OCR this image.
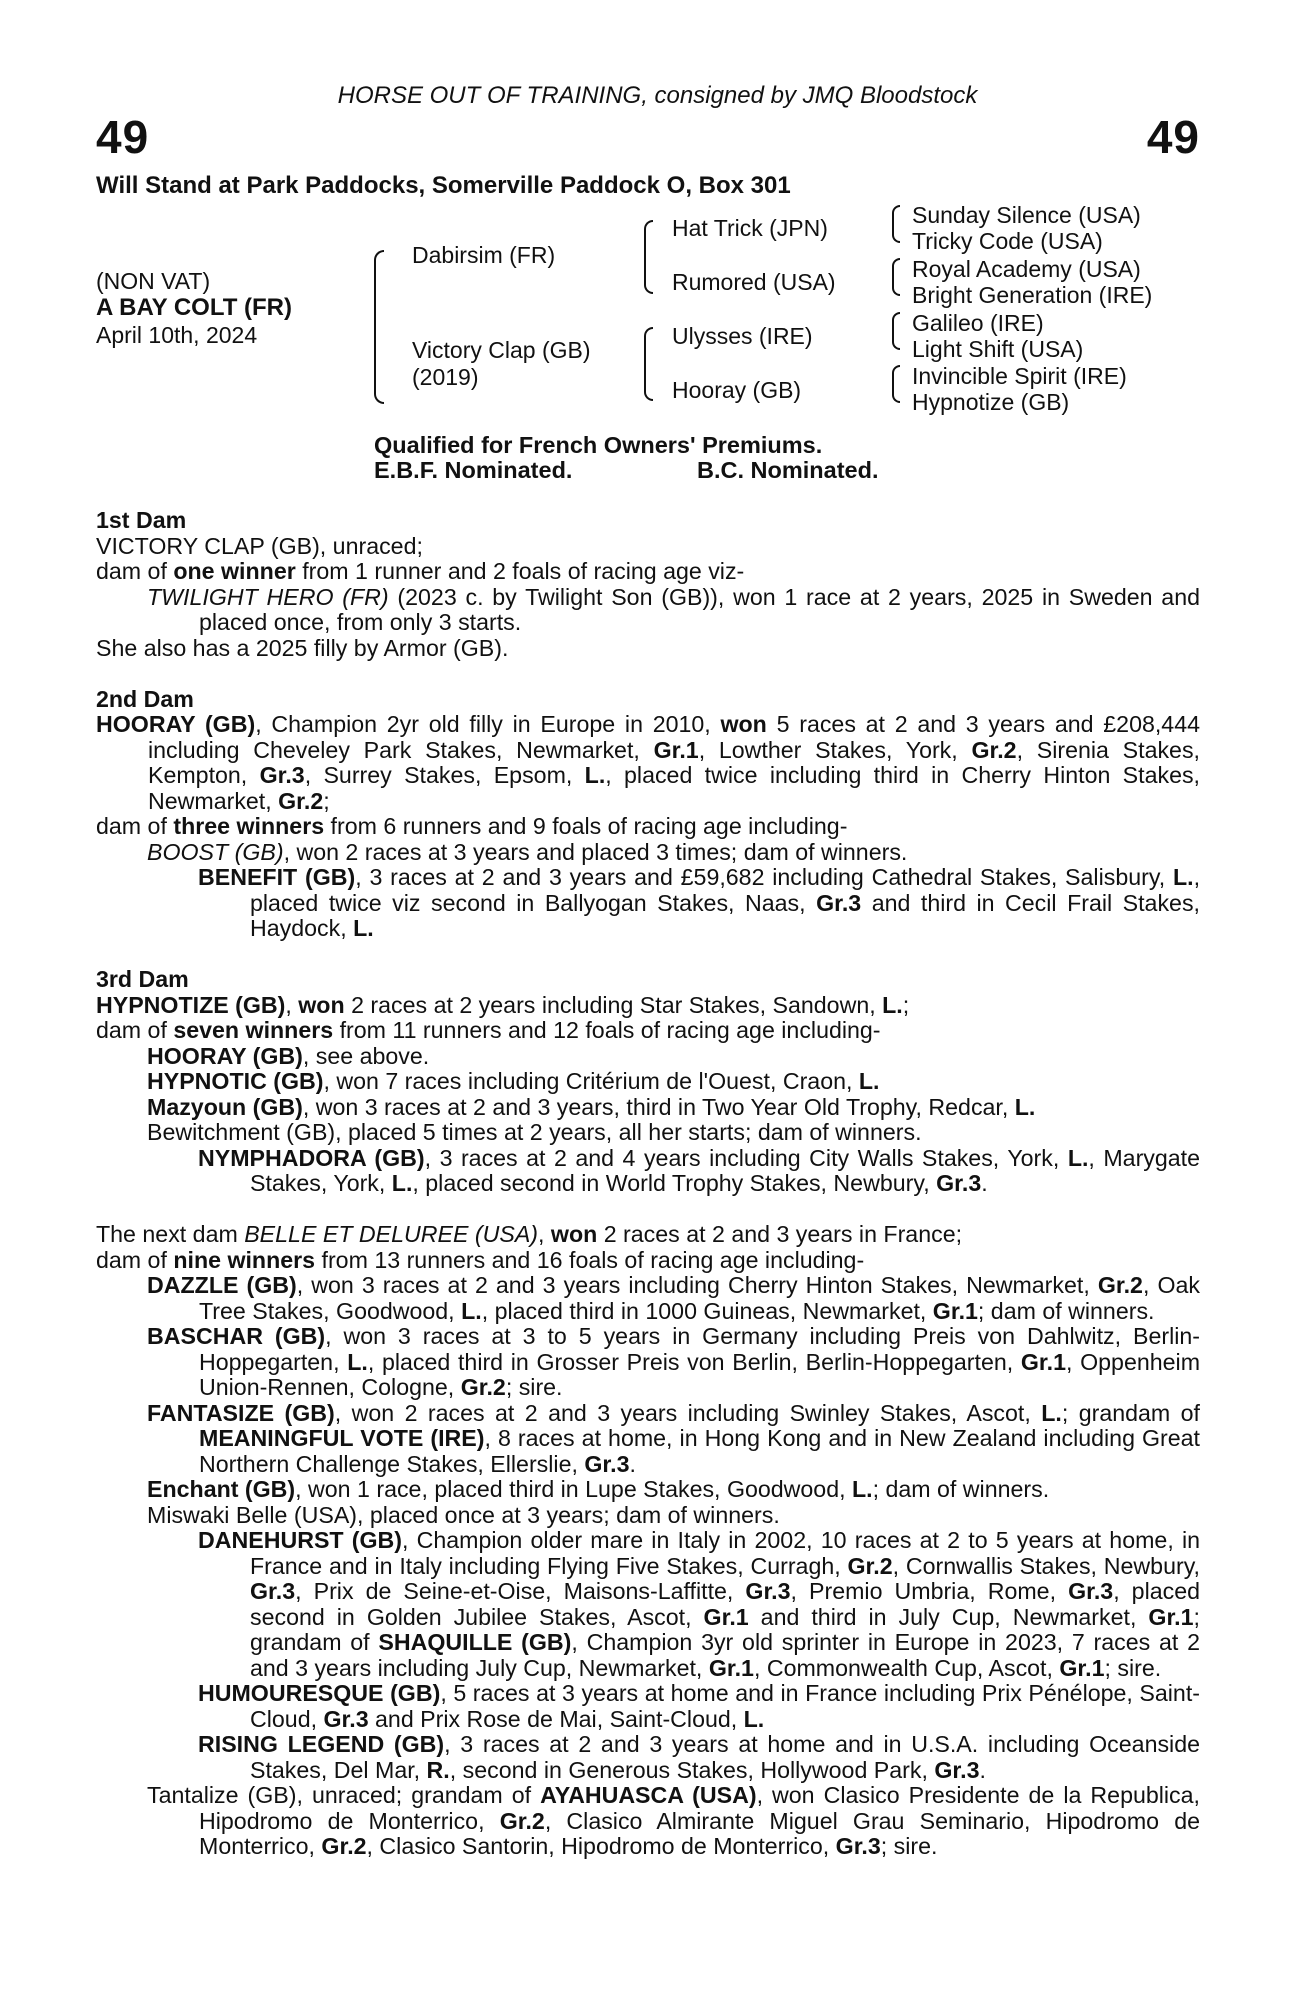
HORSE OUT OF TRAINING, consigned by JMQ Bloodstock
49	49
Will Stand at Park Paddocks, Somerville Paddock O, Box 301
(NON VAT)
A BAY COLT (FR)
April 10th, 2024
Dabirsim (FR)
Victory Clap (GB)
(2019)
Hat Trick (JPN)
Rumored (USA)
Ulysses (IRE)
Hooray (GB)
Sunday Silence (USA)
Tricky Code (USA)
Royal Academy (USA)
Bright Generation (IRE)
Galileo (IRE)
Light Shift (USA)
Invincible Spirit (IRE)
Hypnotize (GB)
Qualified for French Owners' Premiums.
E.B.F. Nominated.	B.C. Nominated.

1st Dam

VICTORY CLAP (GB), unraced;

dam of one winner from 1 runner and 2 foals of racing age viz-

TWILIGHT HERO (FR) (2023 c. by Twilight Son (GB)), won 1 race at 2 years, 2025 in Sweden and placed once, from only 3 starts.

She also has a 2025 filly by Armor (GB).

2nd Dam

HOORAY (GB), Champion 2yr old filly in Europe in 2010, won 5 races at 2 and 3 years and £208,444 including Cheveley Park Stakes, Newmarket, Gr.1, Lowther Stakes, York, Gr.2, Sirenia Stakes, Kempton, Gr.3, Surrey Stakes, Epsom, L., placed twice including third in Cherry Hinton Stakes, Newmarket, Gr.2;

dam of three winners from 6 runners and 9 foals of racing age including-

BOOST (GB), won 2 races at 3 years and placed 3 times; dam of winners.

BENEFIT (GB), 3 races at 2 and 3 years and £59,682 including Cathedral Stakes, Salisbury, L., placed twice viz second in Ballyogan Stakes, Naas, Gr.3 and third in Cecil Frail Stakes, Haydock, L.

3rd Dam

HYPNOTIZE (GB), won 2 races at 2 years including Star Stakes, Sandown, L.;

dam of seven winners from 11 runners and 12 foals of racing age including-

HOORAY (GB), see above.

HYPNOTIC (GB), won 7 races including Critérium de l'Ouest, Craon, L.

Mazyoun (GB), won 3 races at 2 and 3 years, third in Two Year Old Trophy, Redcar, L.

Bewitchment (GB), placed 5 times at 2 years, all her starts; dam of winners.

NYMPHADORA (GB), 3 races at 2 and 4 years including City Walls Stakes, York, L., Marygate Stakes, York, L., placed second in World Trophy Stakes, Newbury, Gr.3.

The next dam BELLE ET DELUREE (USA), won 2 races at 2 and 3 years in France;

dam of nine winners from 13 runners and 16 foals of racing age including-

DAZZLE (GB), won 3 races at 2 and 3 years including Cherry Hinton Stakes, Newmarket, Gr.2, Oak Tree Stakes, Goodwood, L., placed third in 1000 Guineas, Newmarket, Gr.1; dam of winners.

BASCHAR (GB), won 3 races at 3 to 5 years in Germany including Preis von Dahlwitz, Berlin-Hoppegarten, L., placed third in Grosser Preis von Berlin, Berlin-Hoppegarten, Gr.1, Oppenheim Union-Rennen, Cologne, Gr.2; sire.

FANTASIZE (GB), won 2 races at 2 and 3 years including Swinley Stakes, Ascot, L.; grandam of MEANINGFUL VOTE (IRE), 8 races at home, in Hong Kong and in New Zealand including Great Northern Challenge Stakes, Ellerslie, Gr.3.

Enchant (GB), won 1 race, placed third in Lupe Stakes, Goodwood, L.; dam of winners.

Miswaki Belle (USA), placed once at 3 years; dam of winners.

DANEHURST (GB), Champion older mare in Italy in 2002, 10 races at 2 to 5 years at home, in France and in Italy including Flying Five Stakes, Curragh, Gr.2, Cornwallis Stakes, Newbury, Gr.3, Prix de Seine-et-Oise, Maisons-Laffitte, Gr.3, Premio Umbria, Rome, Gr.3, placed second in Golden Jubilee Stakes, Ascot, Gr.1 and third in July Cup, Newmarket, Gr.1; grandam of SHAQUILLE (GB), Champion 3yr old sprinter in Europe in 2023, 7 races at 2 and 3 years including July Cup, Newmarket, Gr.1, Commonwealth Cup, Ascot, Gr.1; sire.

HUMOURESQUE (GB), 5 races at 3 years at home and in France including Prix Pénélope, Saint-Cloud, Gr.3 and Prix Rose de Mai, Saint-Cloud, L.

RISING LEGEND (GB), 3 races at 2 and 3 years at home and in U.S.A. including Oceanside Stakes, Del Mar, R., second in Generous Stakes, Hollywood Park, Gr.3.

Tantalize (GB), unraced; grandam of AYAHUASCA (USA), won Clasico Presidente de la Republica, Hipodromo de Monterrico, Gr.2, Clasico Almirante Miguel Grau Seminario, Hipodromo de Monterrico, Gr.2, Clasico Santorin, Hipodromo de Monterrico, Gr.3; sire.
